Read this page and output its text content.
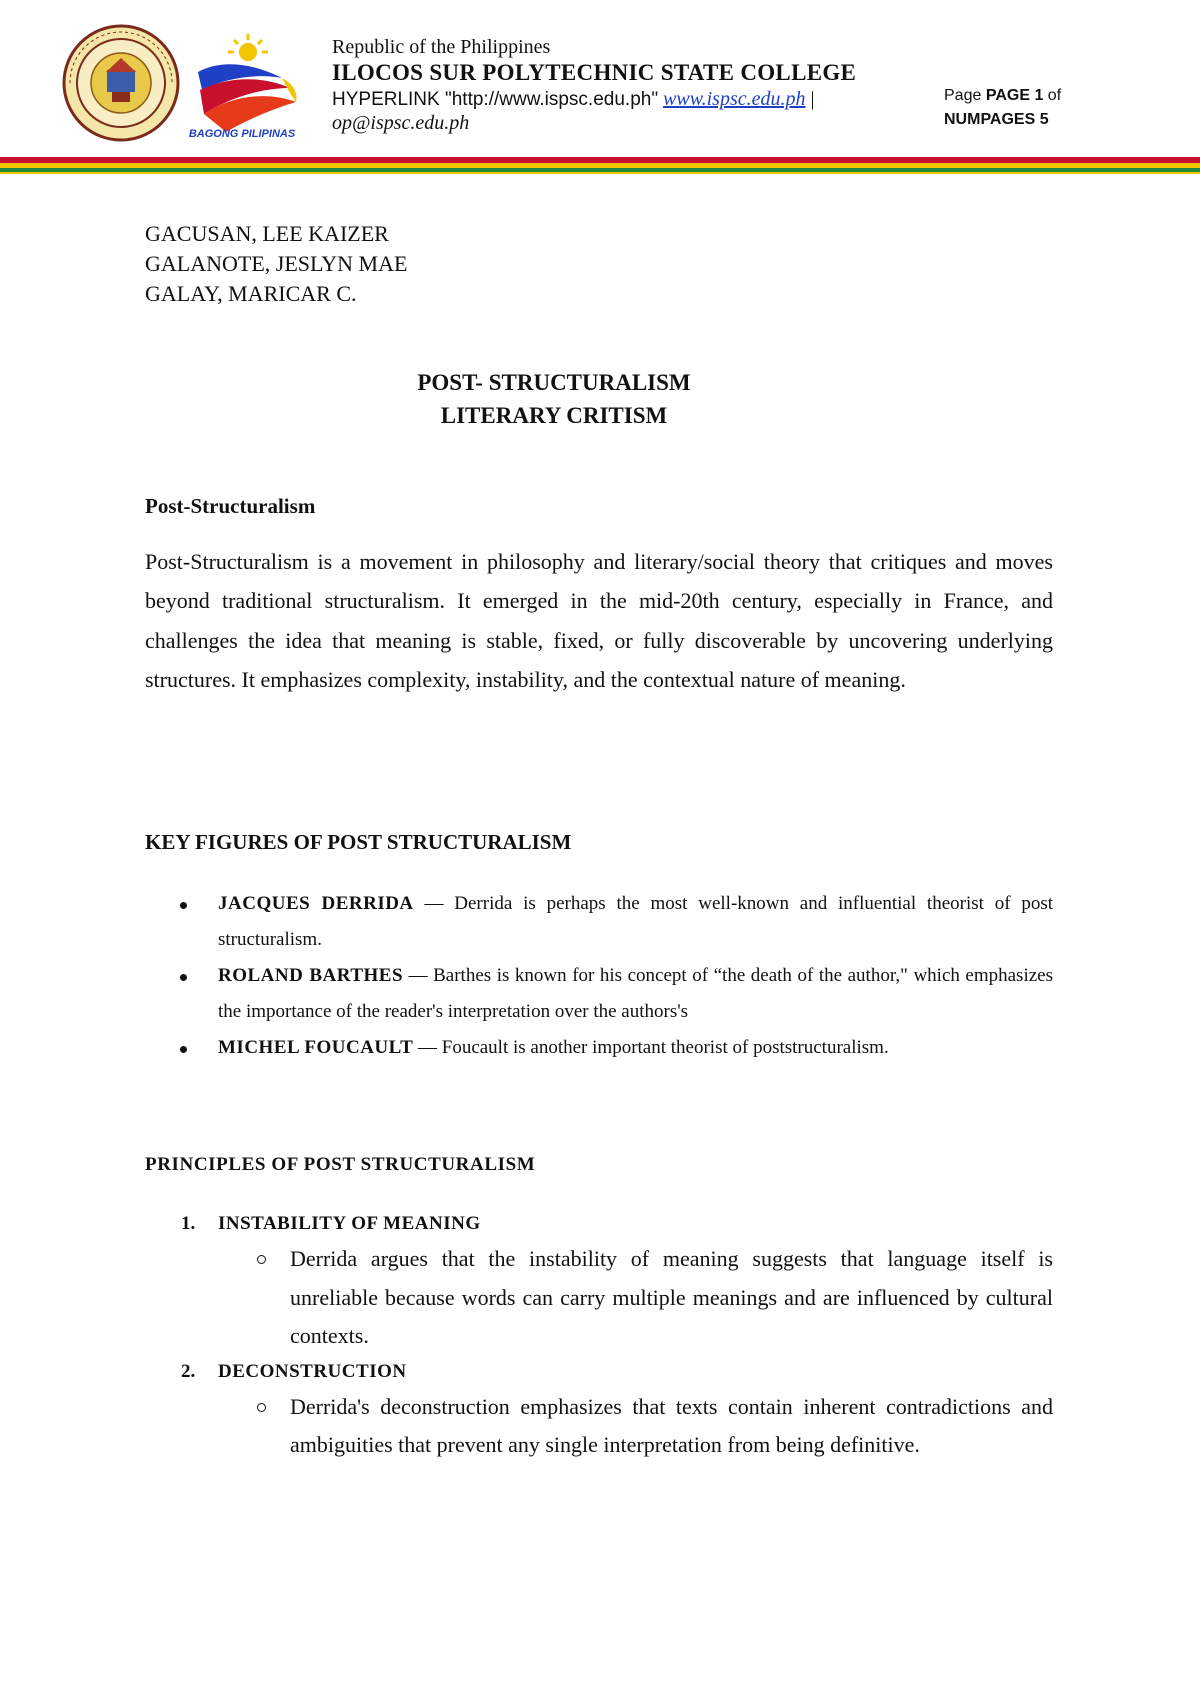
BAGONG PILIPINAS
Republic of the Philippines
ILOCOS SUR POLYTECHNIC STATE COLLEGE
HYPERLINK "http://www.ispsc.edu.ph" www.ispsc.edu.ph |
op@ispsc.edu.ph
Page PAGE 1 of
NUMPAGES 5
GACUSAN, LEE KAIZER
GALANOTE, JESLYN MAE
GALAY, MARICAR C.
POST- STRUCTURALISM
LITERARY CRITISM
Post-Structuralism
Post-Structuralism is a movement in philosophy and literary/social theory that critiques and moves beyond traditional structuralism. It emerged in the mid-20th century, especially in France, and challenges the idea that meaning is stable, fixed, or fully discoverable by uncovering underlying structures. It emphasizes complexity, instability, and the contextual nature of meaning.
KEY FIGURES OF POST STRUCTURALISM
JACQUES DERRIDA — Derrida is perhaps the most well-known and influential theorist of post structuralism.
ROLAND BARTHES — Barthes is known for his concept of “the death of the author," which emphasizes the importance of the reader's interpretation over the authors's
MICHEL FOUCAULT — Foucault is another important theorist of poststructuralism.
PRINCIPLES OF POST STRUCTURALISM
1. INSTABILITY OF MEANING
Derrida argues that the instability of meaning suggests that language itself is unreliable because words can carry multiple meanings and are influenced by cultural contexts.
2. DECONSTRUCTION
Derrida's deconstruction emphasizes that texts contain inherent contradictions and ambiguities that prevent any single interpretation from being definitive.
